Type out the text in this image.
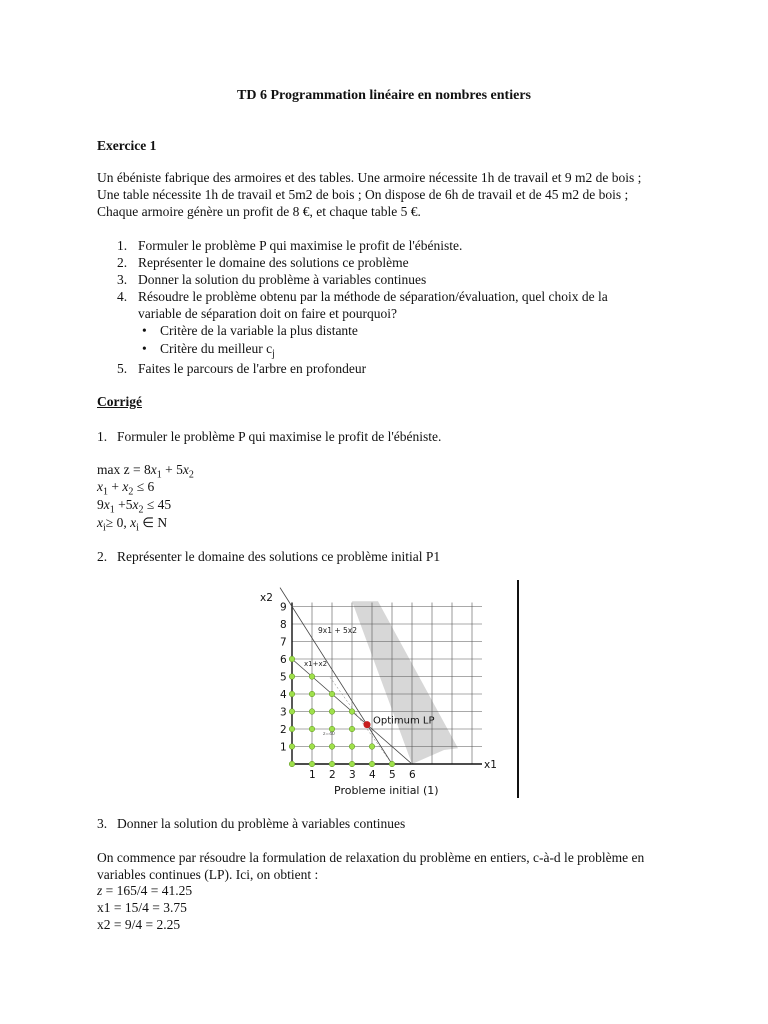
TD 6 Programmation linéaire en nombres entiers
Exercice 1
Un ébéniste fabrique des armoires et des tables. Une armoire nécessite 1h de travail et 9 m2 de bois ;
Une table nécessite 1h de travail et 5m2 de bois ; On dispose de 6h de travail et de 45 m2 de bois ;
Chaque armoire génère un profit de 8 €, et chaque table 5 €.
1. Formuler le problème P qui maximise le profit de l'ébéniste.
2. Représenter le domaine des solutions ce problème
3. Donner la solution du problème à variables continues
4. Résoudre le problème obtenu par la méthode de séparation/évaluation, quel choix de la
variable de séparation doit on faire et pourquoi?
• Critère de la variable la plus distante
• Critère du meilleur $c_j$
5. Faites le parcours de l'arbre en profondeur
Corrigé
1. Formuler le problème P qui maximise le profit de l'ébéniste.
$\max z = 8x_1 + 5x_2$
$x_1 + x_2 \le 6$
$9x_1 +5x_2 \le 45$
$x_i\ge 0$, $x_i$ ∈ N
2. Représenter le domaine des solutions ce problème initial P1
Optimum LP
1 2 3 4 5 6
1
2
3
4
5
6
7
8
9
x2
x1
9x1 + 5x2
x1+x2
z=40
Probleme initial (1)
3. Donner la solution du problème à variables continues
On commence par résoudre la formulation de relaxation du problème en entiers, c-à-d le problème en
variables continues (LP). Ici, on obtient :
z = 165/4 = 41.25
x1 = 15/4 = 3.75
x2 = 9/4 = 2.25
